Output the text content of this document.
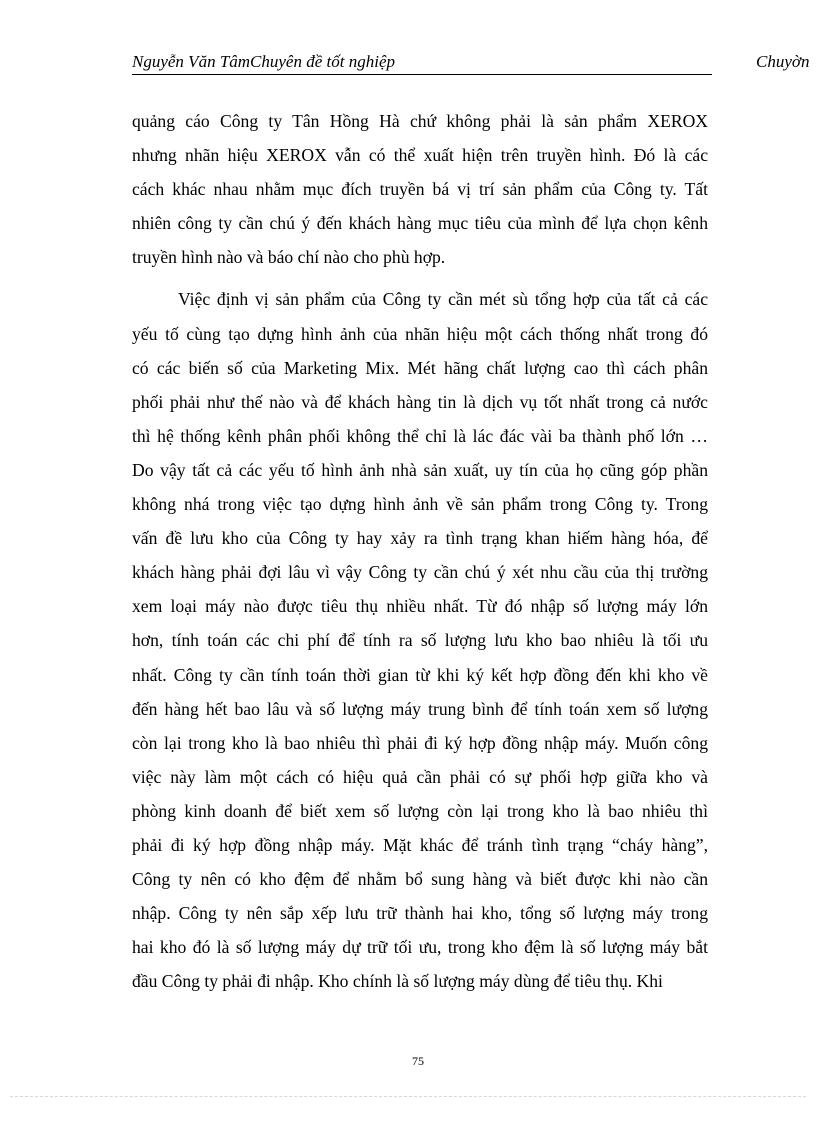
Nguyễn Văn TâmChuyên đề tốt nghiệp	Chuyờn
quảng cáo Công ty Tân Hồng Hà chứ không phải là sản phẩm XEROX
nhưng nhãn hiệu XEROX vẫn có thể xuất hiện trên truyền hình. Đó là các
cách khác nhau nhằm mục đích truyền bá vị trí sản phẩm của Công ty. Tất
nhiên công ty cần chú ý đến khách hàng mục tiêu của mình để lựa chọn kênh
truyền hình nào và báo chí nào cho phù hợp.
Việc định vị sản phẩm của Công ty cần mét sù tổng hợp của tất cả các
yếu tố cùng tạo dựng hình ảnh của nhãn hiệu một cách thống nhất trong đó
có các biến số của Marketing Mix. Mét hãng chất lượng cao thì cách phân
phối phải như thế nào và để khách hàng tin là dịch vụ tốt nhất trong cả nước
thì hệ thống kênh phân phối không thể chỉ là lác đác vài ba thành phố lớn …
Do vậy tất cả các yếu tố hình ảnh nhà sản xuất, uy tín của họ cũng góp phần
không nhá trong việc tạo dựng hình ảnh về sản phẩm trong Công ty. Trong
vấn đề lưu kho của Công ty hay xảy ra tình trạng khan hiếm hàng hóa, để
khách hàng phải đợi lâu vì vậy Công ty cần chú ý xét nhu cầu của thị trường
xem loại máy nào được tiêu thụ nhiều nhất. Từ đó nhập số lượng máy lớn
hơn, tính toán các chi phí để tính ra số lượng lưu kho bao nhiêu là tối ưu
nhất. Công ty cần tính toán thời gian từ khi ký kết hợp đồng đến khi kho về
đến hàng hết bao lâu và số lượng máy trung bình để tính toán xem số lượng
còn lại trong kho là bao nhiêu thì phải đi ký hợp đồng nhập máy. Muốn công
việc này làm một cách có hiệu quả cần phải có sự phối hợp giữa kho và
phòng kinh doanh để biết xem số lượng còn lại trong kho là bao nhiêu thì
phải đi ký hợp đồng nhập máy. Mặt khác để tránh tình trạng “cháy hàng”,
Công ty nên có kho đệm để nhằm bổ sung hàng và biết được khi nào cần
nhập. Công ty nên sắp xếp lưu trữ thành hai kho, tổng số lượng máy trong
hai kho đó là số lượng máy dự trữ tối ưu, trong kho đệm là số lượng máy bắt
đầu Công ty phải đi nhập. Kho chính là số lượng máy dùng để tiêu thụ. Khi
75
